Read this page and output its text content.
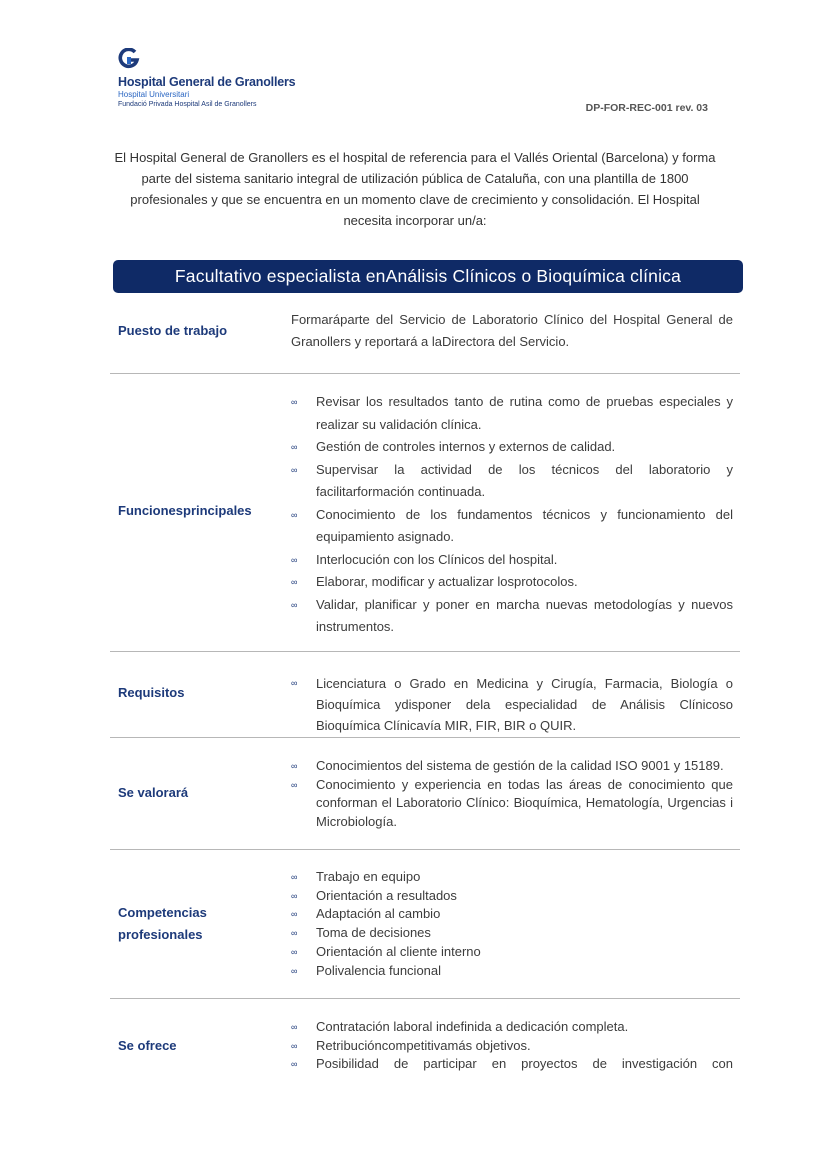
Hospital General de Granollers
Hospital Universitari
Fundació Privada Hospital Asil de Granollers	DP-FOR-REC-001 rev. 03
El Hospital General de Granollers es el hospital de referencia para el Vallés Oriental (Barcelona) y forma parte del sistema sanitario integral de utilización pública de Cataluña, con una plantilla de 1800 profesionales y que se encuentra en un momento clave de crecimiento y consolidación. El Hospital necesita incorporar un/a:
Facultativo especialista enAnálisis Clínicos o Bioquímica clínica
Puesto de trabajo
Formaráparte del Servicio de Laboratorio Clínico del Hospital General de Granollers y reportará a laDirectora del Servicio.
Funcionesprincipales
∞ Revisar los resultados tanto de rutina como de pruebas especiales y realizar su validación clínica.
∞ Gestión de controles internos y externos de calidad.
∞ Supervisar la actividad de los técnicos del laboratorio y facilitarformación continuada.
∞ Conocimiento de los fundamentos técnicos y funcionamiento del equipamiento asignado.
∞ Interlocución con los Clínicos del hospital.
∞ Elaborar, modificar y actualizar losprotocolos.
∞ Validar, planificar y poner en marcha nuevas metodologías y nuevos instrumentos.
Requisitos
∞ Licenciatura o Grado en Medicina y Cirugía, Farmacia, Biología o Bioquímica ydisponer dela especialidad de Análisis Clínicoso Bioquímica Clínicavía MIR, FIR, BIR o QUIR.
Se valorará
∞ Conocimientos del sistema de gestión de la calidad ISO 9001 y 15189.
∞ Conocimiento y experiencia en todas las áreas de conocimiento que conforman el Laboratorio Clínico: Bioquímica, Hematología, Urgencias i Microbiología.
Competencias
profesionales
∞ Trabajo en equipo
∞ Orientación a resultados
∞ Adaptación al cambio
∞ Toma de decisiones
∞ Orientación al cliente interno
∞ Polivalencia funcional
Se ofrece
∞ Contratación laboral indefinida a dedicación completa.
∞ Retribucióncompetitivamás objetivos.
∞ Posibilidad de participar en proyectos de investigación con
